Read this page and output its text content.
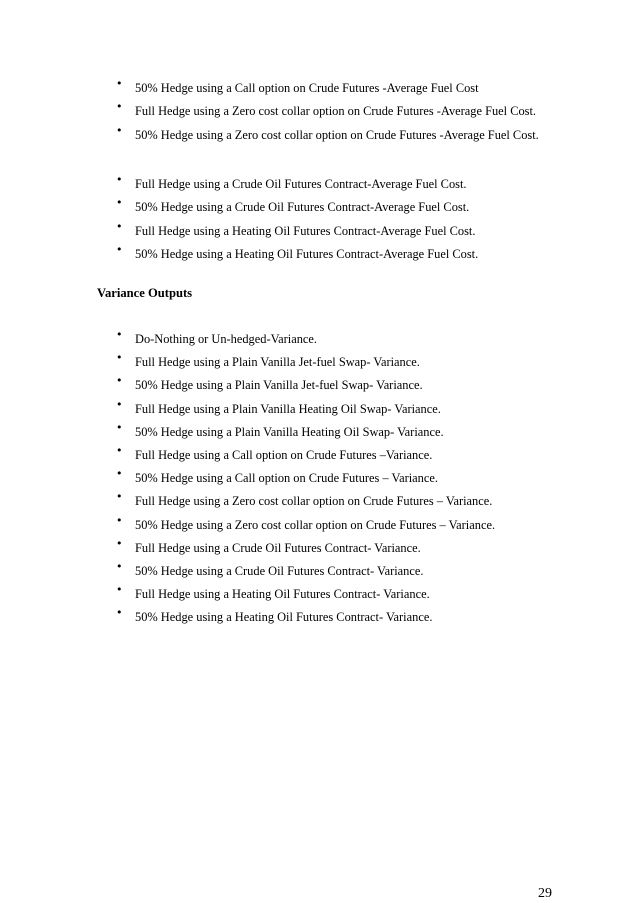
• 50% Hedge using a Call option on Crude Futures -Average Fuel Cost
• Full Hedge using a Zero cost collar option on Crude Futures -Average Fuel Cost.
• 50% Hedge using a Zero cost collar option on Crude Futures -Average Fuel Cost.
• Full Hedge using a Crude Oil Futures Contract-Average Fuel Cost.
• 50% Hedge using a Crude Oil Futures Contract-Average Fuel Cost.
• Full Hedge using a Heating Oil Futures Contract-Average Fuel Cost.
• 50% Hedge using a Heating Oil Futures Contract-Average Fuel Cost.
Variance Outputs
• Do-Nothing or Un-hedged-Variance.
• Full Hedge using a Plain Vanilla Jet-fuel Swap- Variance.
• 50% Hedge using a Plain Vanilla Jet-fuel Swap- Variance.
• Full Hedge using a Plain Vanilla Heating Oil Swap- Variance.
• 50% Hedge using a Plain Vanilla Heating Oil Swap- Variance.
• Full Hedge using a Call option on Crude Futures –Variance.
• 50% Hedge using a Call option on Crude Futures – Variance.
• Full Hedge using a Zero cost collar option on Crude Futures – Variance.
• 50% Hedge using a Zero cost collar option on Crude Futures – Variance.
• Full Hedge using a Crude Oil Futures Contract- Variance.
• 50% Hedge using a Crude Oil Futures Contract- Variance.
• Full Hedge using a Heating Oil Futures Contract- Variance.
• 50% Hedge using a Heating Oil Futures Contract- Variance.
29
